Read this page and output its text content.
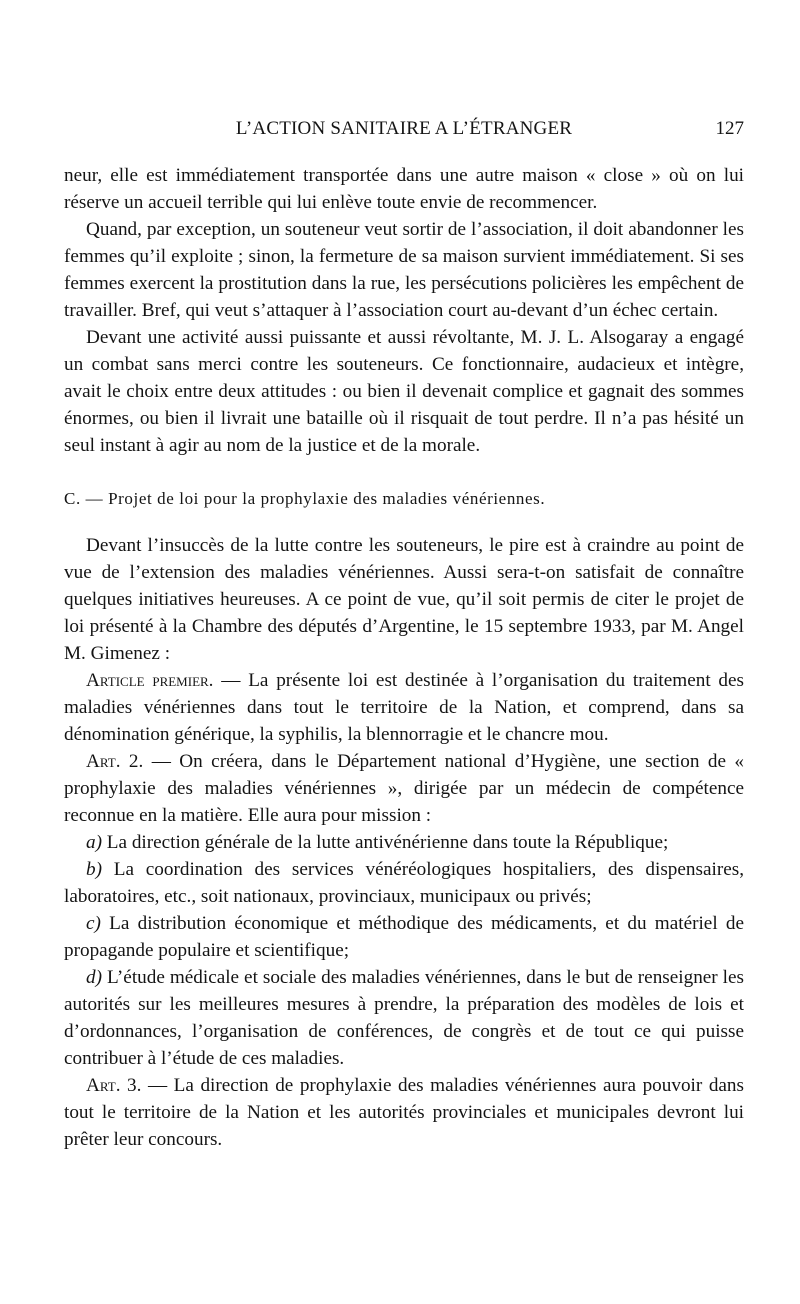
L’ACTION SANITAIRE A L’ÉTRANGER	127

neur, elle est immédiatement transportée dans une autre maison « close » où on lui réserve un accueil terrible qui lui enlève toute envie de recommencer.

Quand, par exception, un souteneur veut sortir de l’association, il doit abandonner les femmes qu’il exploite ; sinon, la fermeture de sa maison survient immédiatement. Si ses femmes exercent la prostitution dans la rue, les persécutions policières les empêchent de travailler. Bref, qui veut s’attaquer à l’association court au-devant d’un échec certain.

Devant une activité aussi puissante et aussi révoltante, M. J. L. Alsogaray a engagé un combat sans merci contre les souteneurs. Ce fonctionnaire, audacieux et intègre, avait le choix entre deux attitudes : ou bien il devenait complice et gagnait des sommes énormes, ou bien il livrait une bataille où il risquait de tout perdre. Il n’a pas hésité un seul instant à agir au nom de la justice et de la morale.

C. — Projet de loi pour la prophylaxie des maladies vénériennes.

Devant l’insuccès de la lutte contre les souteneurs, le pire est à craindre au point de vue de l’extension des maladies vénériennes. Aussi sera-t-on satisfait de connaître quelques initiatives heureuses. A ce point de vue, qu’il soit permis de citer le projet de loi présenté à la Chambre des députés d’Argentine, le 15 septembre 1933, par M. Angel M. Gimenez :

Article premier. — La présente loi est destinée à l’organisation du traitement des maladies vénériennes dans tout le territoire de la Nation, et comprend, dans sa dénomination générique, la syphilis, la blennorragie et le chancre mou.

Art. 2. — On créera, dans le Département national d’Hygiène, une section de « prophylaxie des maladies vénériennes », dirigée par un médecin de compétence reconnue en la matière. Elle aura pour mission :

a) La direction générale de la lutte antivénérienne dans toute la République;

b) La coordination des services vénéréologiques hospitaliers, des dispensaires, laboratoires, etc., soit nationaux, provinciaux, municipaux ou privés;

c) La distribution économique et méthodique des médicaments, et du matériel de propagande populaire et scientifique;

d) L’étude médicale et sociale des maladies vénériennes, dans le but de renseigner les autorités sur les meilleures mesures à prendre, la préparation des modèles de lois et d’ordonnances, l’organisation de conférences, de congrès et de tout ce qui puisse contribuer à l’étude de ces maladies.

Art. 3. — La direction de prophylaxie des maladies vénériennes aura pouvoir dans tout le territoire de la Nation et les autorités provinciales et municipales devront lui prêter leur concours.
